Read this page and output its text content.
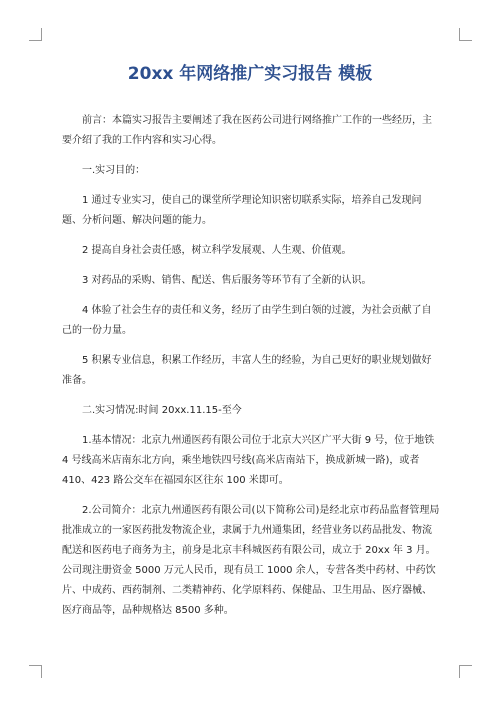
20xx 年网络推广实习报告 模板

前言：本篇实习报告主要阐述了我在医药公司进行网络推广工作的一些经历，主要介绍了我的工作内容和实习心得。

一.实习目的：

1 通过专业实习，使自己的课堂所学理论知识密切联系实际，培养自己发现问题、分析问题、解决问题的能力。

2 提高自身社会责任感，树立科学发展观、人生观、价值观。

3 对药品的采购、销售、配送、售后服务等环节有了全新的认识。

4 体验了社会生存的责任和义务，经历了由学生到白领的过渡，为社会贡献了自己的一份力量。

5 积累专业信息，积累工作经历，丰富人生的经验，为自己更好的职业规划做好准备。

二.实习情况:时间 20xx.11.15-至今

1.基本情况：北京九州通医药有限公司位于北京大兴区广平大街 9 号，位于地铁 4 号线高米店南东北方向，乘坐地铁四号线(高米店南站下，换成新城一路)，或者 410、423 路公交车在福园东区往东 100 米即可。

2.公司简介：北京九州通医药有限公司(以下简称公司)是经北京市药品监督管理局批准成立的一家医药批发物流企业，隶属于九州通集团，经营业务以药品批发、物流配送和医药电子商务为主，前身是北京丰科城医药有限公司，成立于 20xx 年 3 月。公司现注册资金 5000 万元人民币，现有员工 1000 余人，专营各类中药材、中药饮片、中成药、西药制剂、二类精神药、化学原料药、保健品、卫生用品、医疗器械、医疗商品等，品种规格达 8500 多种。
